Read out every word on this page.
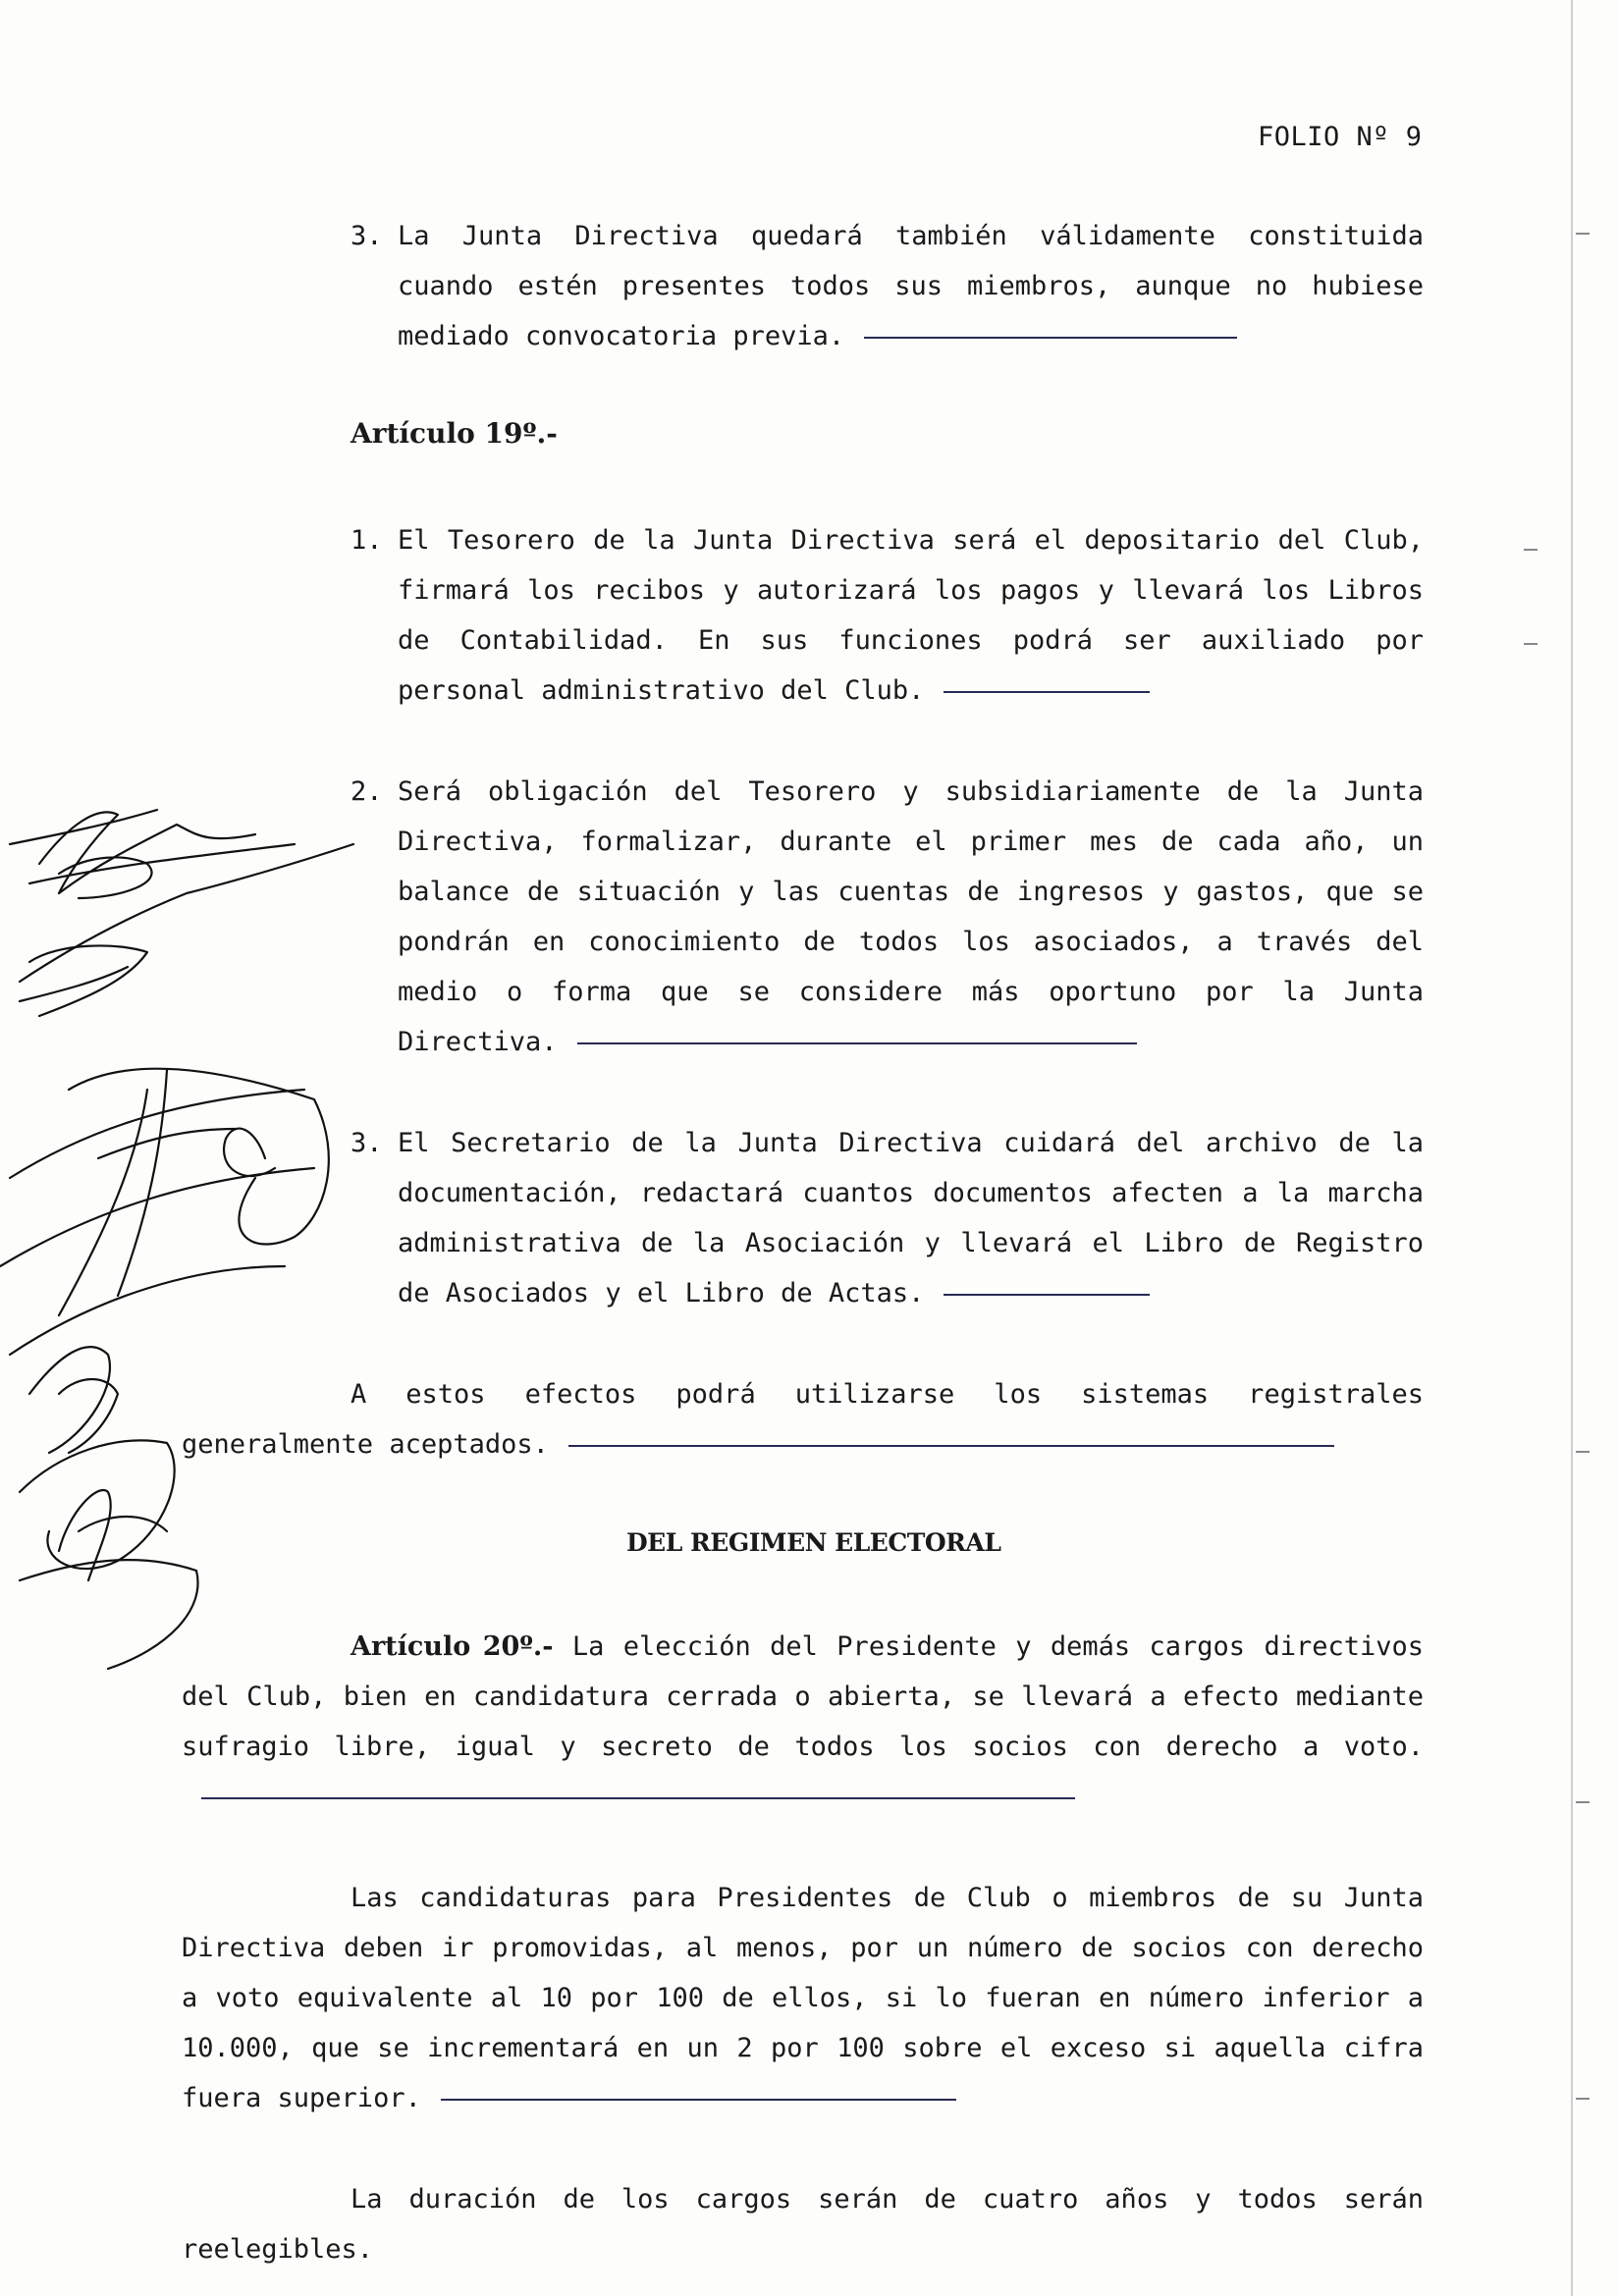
FOLIO Nº 9
3. La Junta Directiva quedará también válidamente constituida cuando estén presentes todos sus miembros, aunque no hubiese mediado convocatoria previa.

Artículo 19º.-
1. El Tesorero de la Junta Directiva será el depositario del Club, firmará los recibos y autorizará los pagos y llevará los Libros de Contabilidad. En sus funciones podrá ser auxiliado por personal administrativo del Club.

2. Será obligación del Tesorero y subsidiariamente de la Junta Directiva, formalizar, durante el primer mes de cada año, un balance de situación y las cuentas de ingresos y gastos, que se pondrán en conocimiento de todos los asociados, a través del medio o forma que se considere más oportuno por la Junta Directiva.

3. El Secretario de la Junta Directiva cuidará del archivo de la documentación, redactará cuantos documentos afecten a la marcha administrativa de la Asociación y llevará el Libro de Registro de Asociados y el Libro de Actas.

A estos efectos podrá utilizarse los sistemas registrales generalmente aceptados.

DEL REGIMEN ELECTORAL

Artículo 20º.- La elección del Presidente y demás cargos directivos del Club, bien en candidatura cerrada o abierta, se llevará a efecto mediante sufragio libre, igual y secreto de todos los socios con derecho a voto.

Las candidaturas para Presidentes de Club o miembros de su Junta Directiva deben ir promovidas, al menos, por un número de socios con derecho a voto equivalente al 10 por 100 de ellos, si lo fueran en número inferior a 10.000, que se incrementará en un 2 por 100 sobre el exceso si aquella cifra fuera superior.

La duración de los cargos serán de cuatro años y todos serán reelegibles.
